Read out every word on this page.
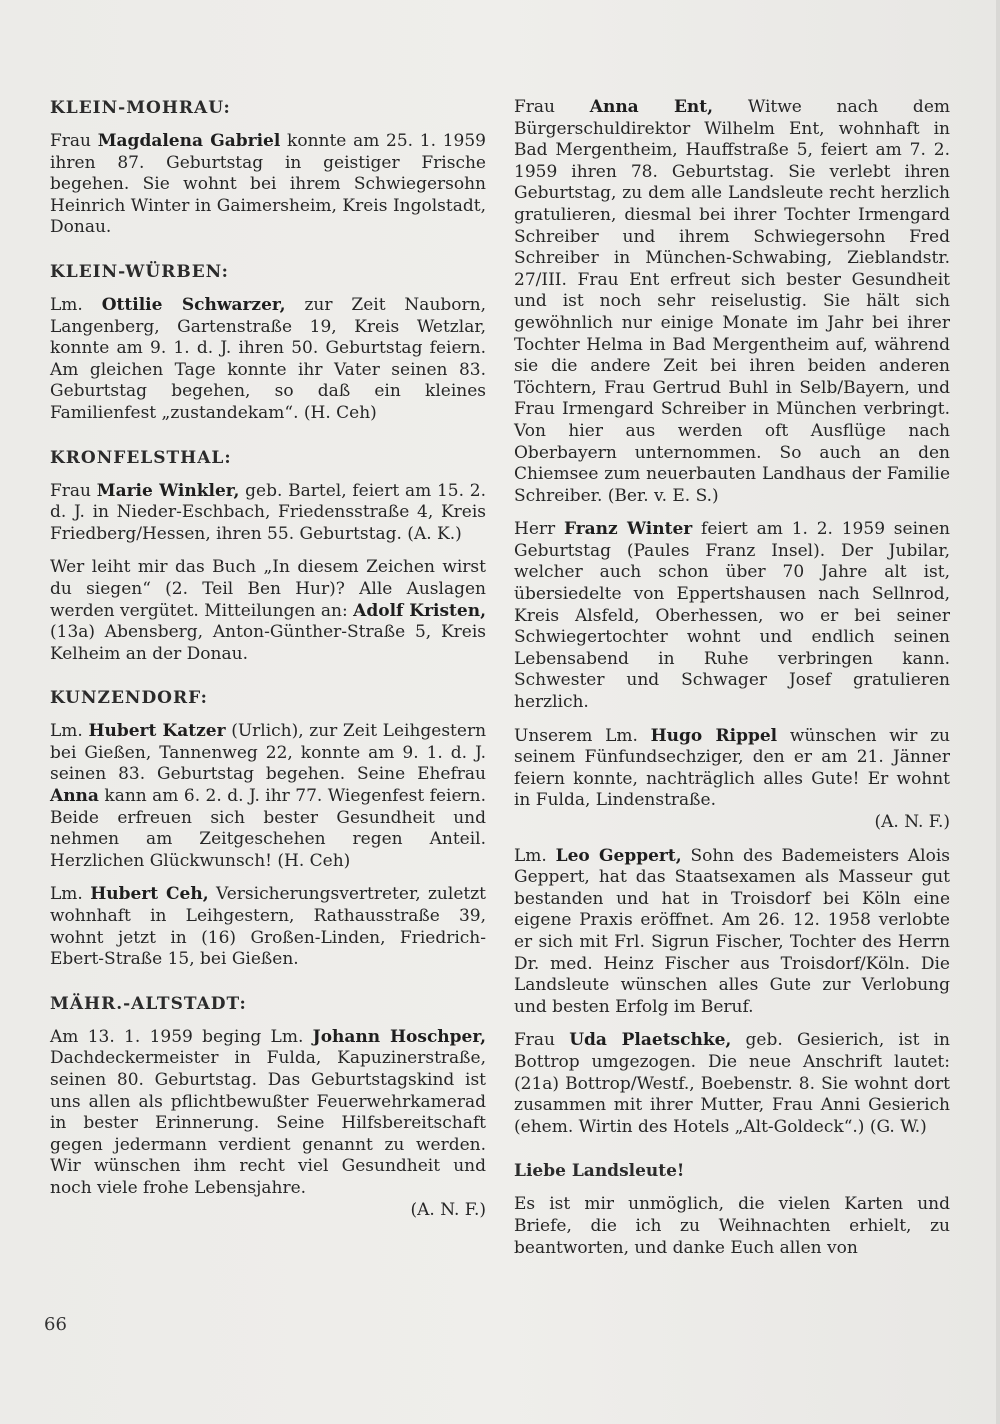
KLEIN-MOHRAU:

Frau Magdalena Gabriel konnte am 25. 1. 1959 ihren 87. Geburtstag in geistiger Frische begehen. Sie wohnt bei ihrem Schwiegersohn Heinrich Winter in Gaimersheim, Kreis Ingolstadt, Donau.

KLEIN-WÜRBEN:

Lm. Ottilie Schwarzer, zur Zeit Nauborn, Langenberg, Gartenstraße 19, Kreis Wetzlar, konnte am 9. 1. d. J. ihren 50. Geburtstag feiern. Am gleichen Tage konnte ihr Vater seinen 83. Geburtstag begehen, so daß ein kleines Familienfest „zustandekam“. (H. Ceh)

KRONFELSTHAL:

Frau Marie Winkler, geb. Bartel, feiert am 15. 2. d. J. in Nieder-Eschbach, Friedensstraße 4, Kreis Friedberg/Hessen, ihren 55. Geburtstag. (A. K.)

Wer leiht mir das Buch „In diesem Zeichen wirst du siegen“ (2. Teil Ben Hur)? Alle Auslagen werden vergütet. Mitteilungen an: Adolf Kristen, (13a) Abensberg, Anton-Günther-Straße 5, Kreis Kelheim an der Donau.

KUNZENDORF:

Lm. Hubert Katzer (Urlich), zur Zeit Leihgestern bei Gießen, Tannenweg 22, konnte am 9. 1. d. J. seinen 83. Geburtstag begehen. Seine Ehefrau Anna kann am 6. 2. d. J. ihr 77. Wiegenfest feiern. Beide erfreuen sich bester Gesundheit und nehmen am Zeitgeschehen regen Anteil. Herzlichen Glückwunsch! (H. Ceh)

Lm. Hubert Ceh, Versicherungsvertreter, zuletzt wohnhaft in Leihgestern, Rathausstraße 39, wohnt jetzt in (16) Großen-Linden, Friedrich-Ebert-Straße 15, bei Gießen.

MÄHR.-ALTSTADT:

Am 13. 1. 1959 beging Lm. Johann Hoschper, Dachdeckermeister in Fulda, Kapuzinerstraße, seinen 80. Geburtstag. Das Geburtstagskind ist uns allen als pflichtbewußter Feuerwehrkamerad in bester Erinnerung. Seine Hilfsbereitschaft gegen jedermann verdient genannt zu werden. Wir wünschen ihm recht viel Gesundheit und noch viele frohe Lebensjahre.

(A. N. F.)

Frau Anna Ent, Witwe nach dem Bürgerschuldirektor Wilhelm Ent, wohnhaft in Bad Mergentheim, Hauffstraße 5, feiert am 7. 2. 1959 ihren 78. Geburtstag. Sie verlebt ihren Geburtstag, zu dem alle Landsleute recht herzlich gratulieren, diesmal bei ihrer Tochter Irmengard Schreiber und ihrem Schwiegersohn Fred Schreiber in München-Schwabing, Zieblandstr. 27/III. Frau Ent erfreut sich bester Gesundheit und ist noch sehr reiselustig. Sie hält sich gewöhnlich nur einige Monate im Jahr bei ihrer Tochter Helma in Bad Mergentheim auf, während sie die andere Zeit bei ihren beiden anderen Töchtern, Frau Gertrud Buhl in Selb/Bayern, und Frau Irmengard Schreiber in München verbringt. Von hier aus werden oft Ausflüge nach Oberbayern unternommen. So auch an den Chiemsee zum neuerbauten Landhaus der Familie Schreiber. (Ber. v. E. S.)

Herr Franz Winter feiert am 1. 2. 1959 seinen Geburtstag (Paules Franz Insel). Der Jubilar, welcher auch schon über 70 Jahre alt ist, übersiedelte von Eppertshausen nach Sellnrod, Kreis Alsfeld, Oberhessen, wo er bei seiner Schwiegertochter wohnt und endlich seinen Lebensabend in Ruhe verbringen kann. Schwester und Schwager Josef gratulieren herzlich.

Unserem Lm. Hugo Rippel wünschen wir zu seinem Fünfundsechziger, den er am 21. Jänner feiern konnte, nachträglich alles Gute! Er wohnt in Fulda, Lindenstraße.

(A. N. F.)

Lm. Leo Geppert, Sohn des Bademeisters Alois Geppert, hat das Staatsexamen als Masseur gut bestanden und hat in Troisdorf bei Köln eine eigene Praxis eröffnet. Am 26. 12. 1958 verlobte er sich mit Frl. Sigrun Fischer, Tochter des Herrn Dr. med. Heinz Fischer aus Troisdorf/Köln. Die Landsleute wünschen alles Gute zur Verlobung und besten Erfolg im Beruf.

Frau Uda Plaetschke, geb. Gesierich, ist in Bottrop umgezogen. Die neue Anschrift lautet: (21a) Bottrop/Westf., Boebenstr. 8. Sie wohnt dort zusammen mit ihrer Mutter, Frau Anni Gesierich (ehem. Wirtin des Hotels „Alt-Goldeck“.) (G. W.)

Liebe Landsleute!

Es ist mir unmöglich, die vielen Karten und Briefe, die ich zu Weihnachten erhielt, zu beantworten, und danke Euch allen von

66
